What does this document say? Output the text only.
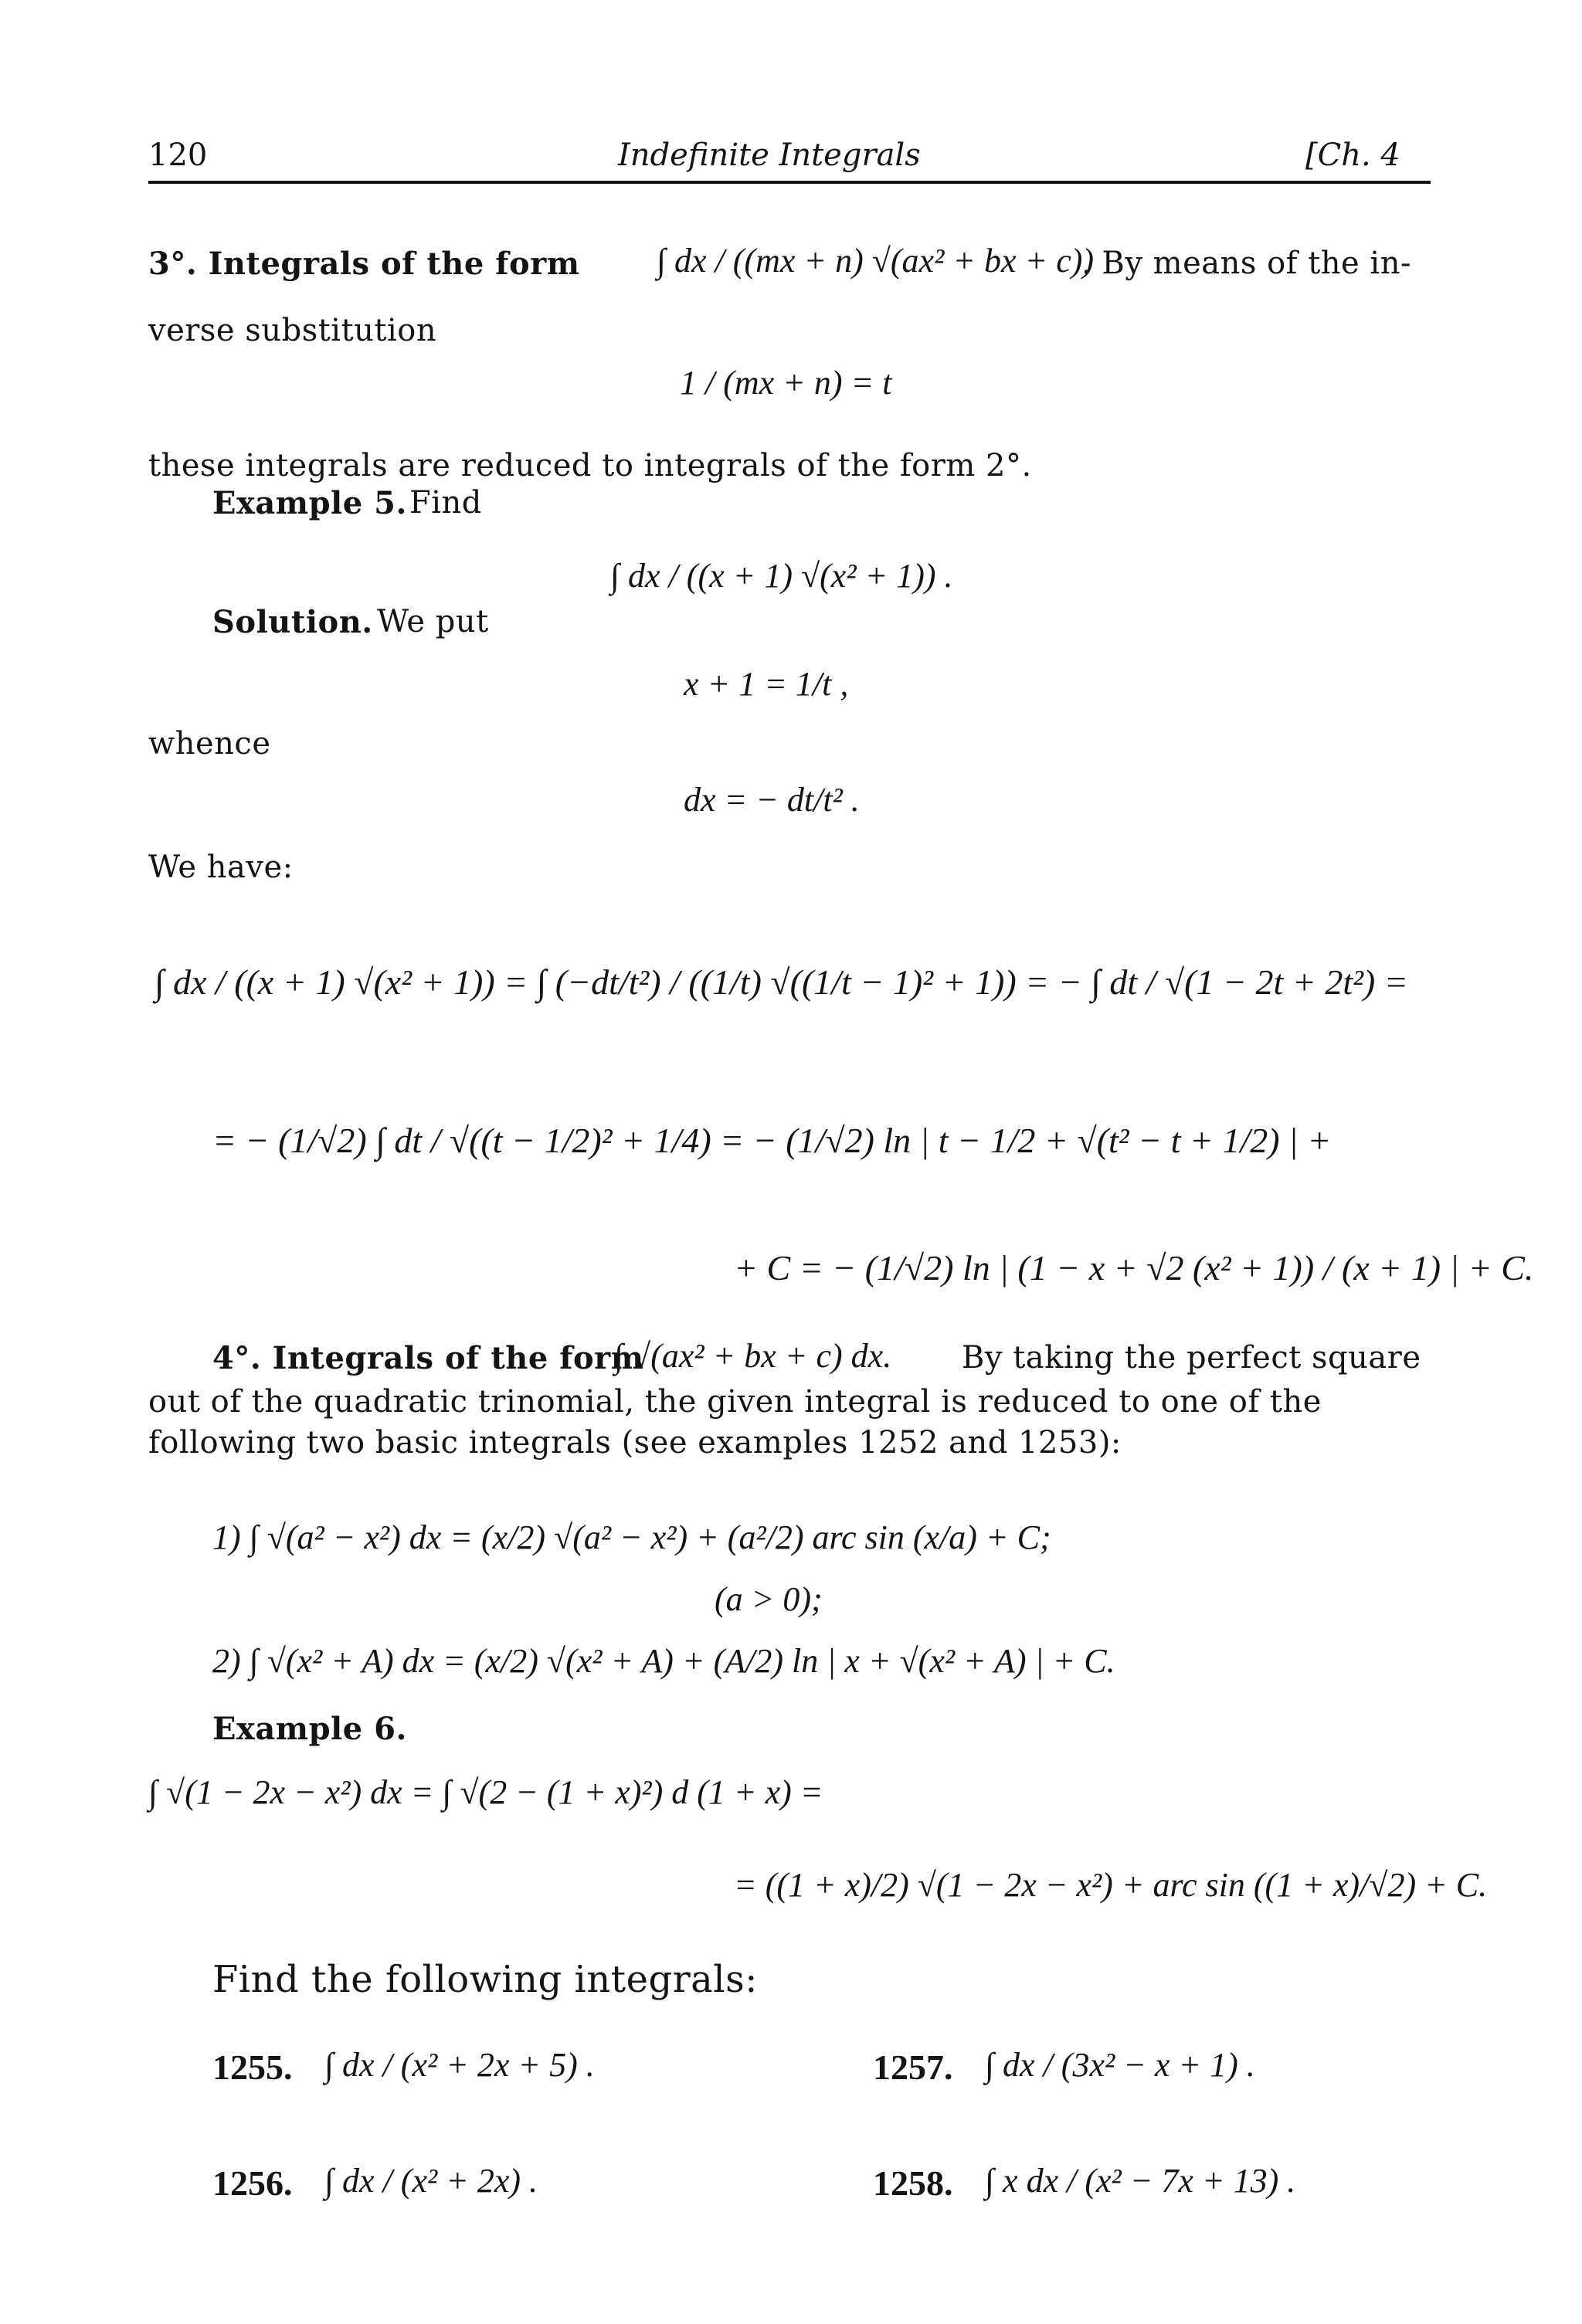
120	Indefinite Integrals	[Ch. 4
3°. Integrals of the form ∫ dx / ((mx + n) √(ax² + bx + c))
. By means of the in-
verse substitution
1 / (mx + n) = t
these integrals are reduced to integrals of the form 2°.
Example 5. Find
∫ dx / ((x + 1) √(x² + 1)) .
Solution. We put
x + 1 = 1/t ,
whence
dx = − dt/t² .
We have:
∫ dx / ((x + 1) √(x² + 1)) = ∫ (−dt/t²) / ((1/t) √((1/t − 1)² + 1)) = − ∫ dt / √(1 − 2t + 2t²) =
= − (1/√2) ∫ dt / √((t − 1/2)² + 1/4) = − (1/√2) ln | t − 1/2 + √(t² − t + 1/2) | +
+ C = − (1/√2) ln | (1 − x + √2 (x² + 1)) / (x + 1) | + C.
4°. Integrals of the form
∫ √(ax² + bx + c) dx. By taking the perfect square
out of the quadratic trinomial, the given integral is reduced to one of the
following two basic integrals (see examples 1252 and 1253):
1) ∫ √(a² − x²) dx = (x/2) √(a² − x²) + (a²/2) arc sin (x/a) + C;
(a > 0);
2) ∫ √(x² + A) dx = (x/2) √(x² + A) + (A/2) ln | x + √(x² + A) | + C.
Example 6.
∫ √(1 − 2x − x²) dx = ∫ √(2 − (1 + x)²) d (1 + x) =
= ((1 + x)/2) √(1 − 2x − x²) + arc sin ((1 + x)/√2) + C.
Find the following integrals:
1255. ∫ dx / (x² + 2x + 5) .
1256. ∫ dx / (x² + 2x) .
1257. ∫ dx / (3x² − x + 1) .
1258. ∫ x dx / (x² − 7x + 13) .
